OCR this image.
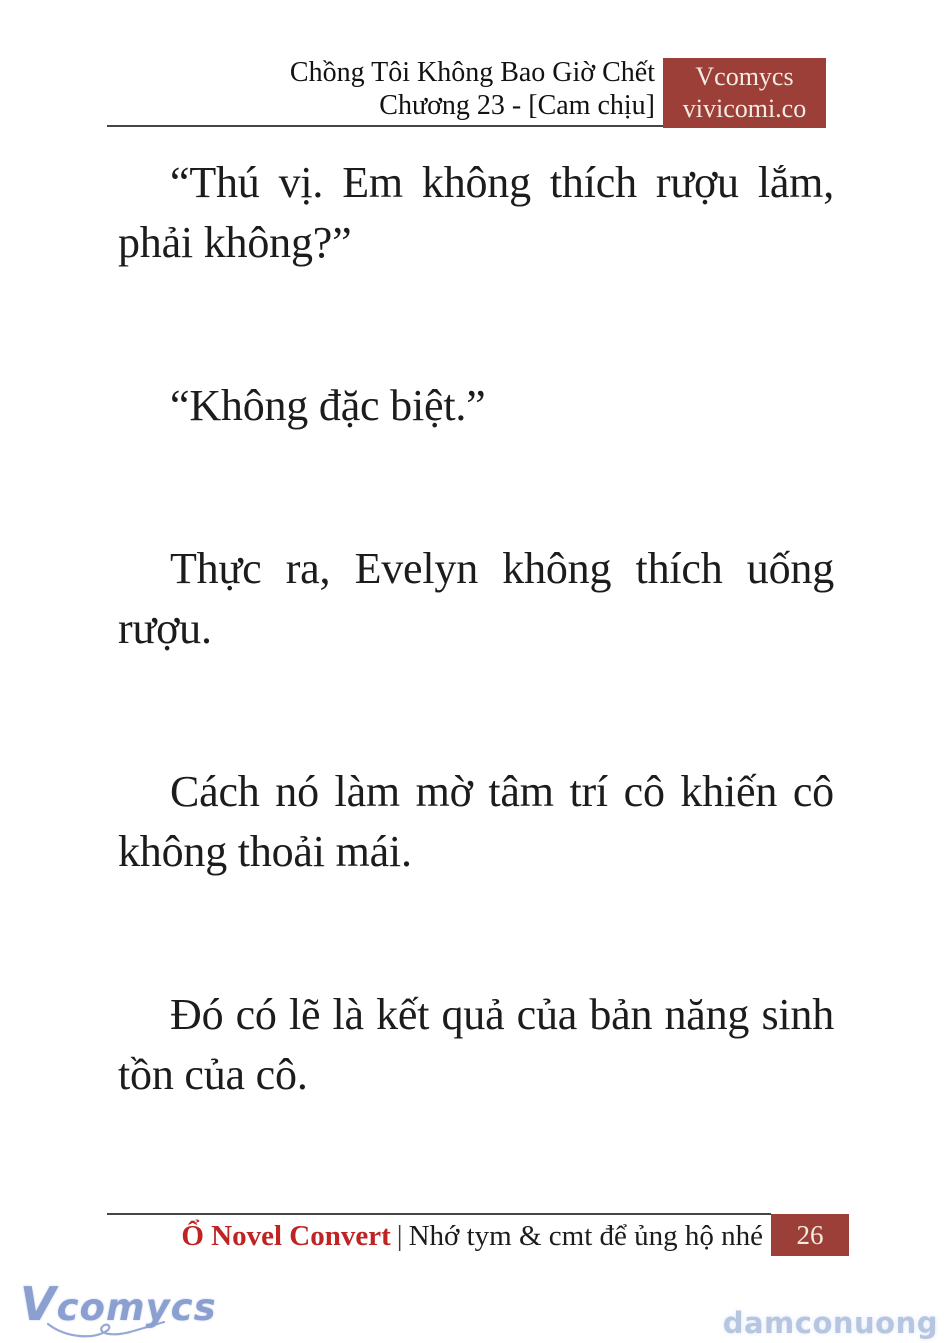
Chồng Tôi Không Bao Giờ Chết
Chương 23 - [Cam chịu]
Vcomycs
vivicomi.co

“Thú vị. Em không thích rượu lắm, phải không?”

“Không đặc biệt.”

Thực ra, Evelyn không thích uống rượu.

Cách nó làm mờ tâm trí cô khiến cô không thoải mái.

Đó có lẽ là kết quả của bản năng sinh tồn của cô.

Ổ Novel Convert | Nhớ tym & cmt để ủng hộ nhé 26
Vcomycs	damconuong
